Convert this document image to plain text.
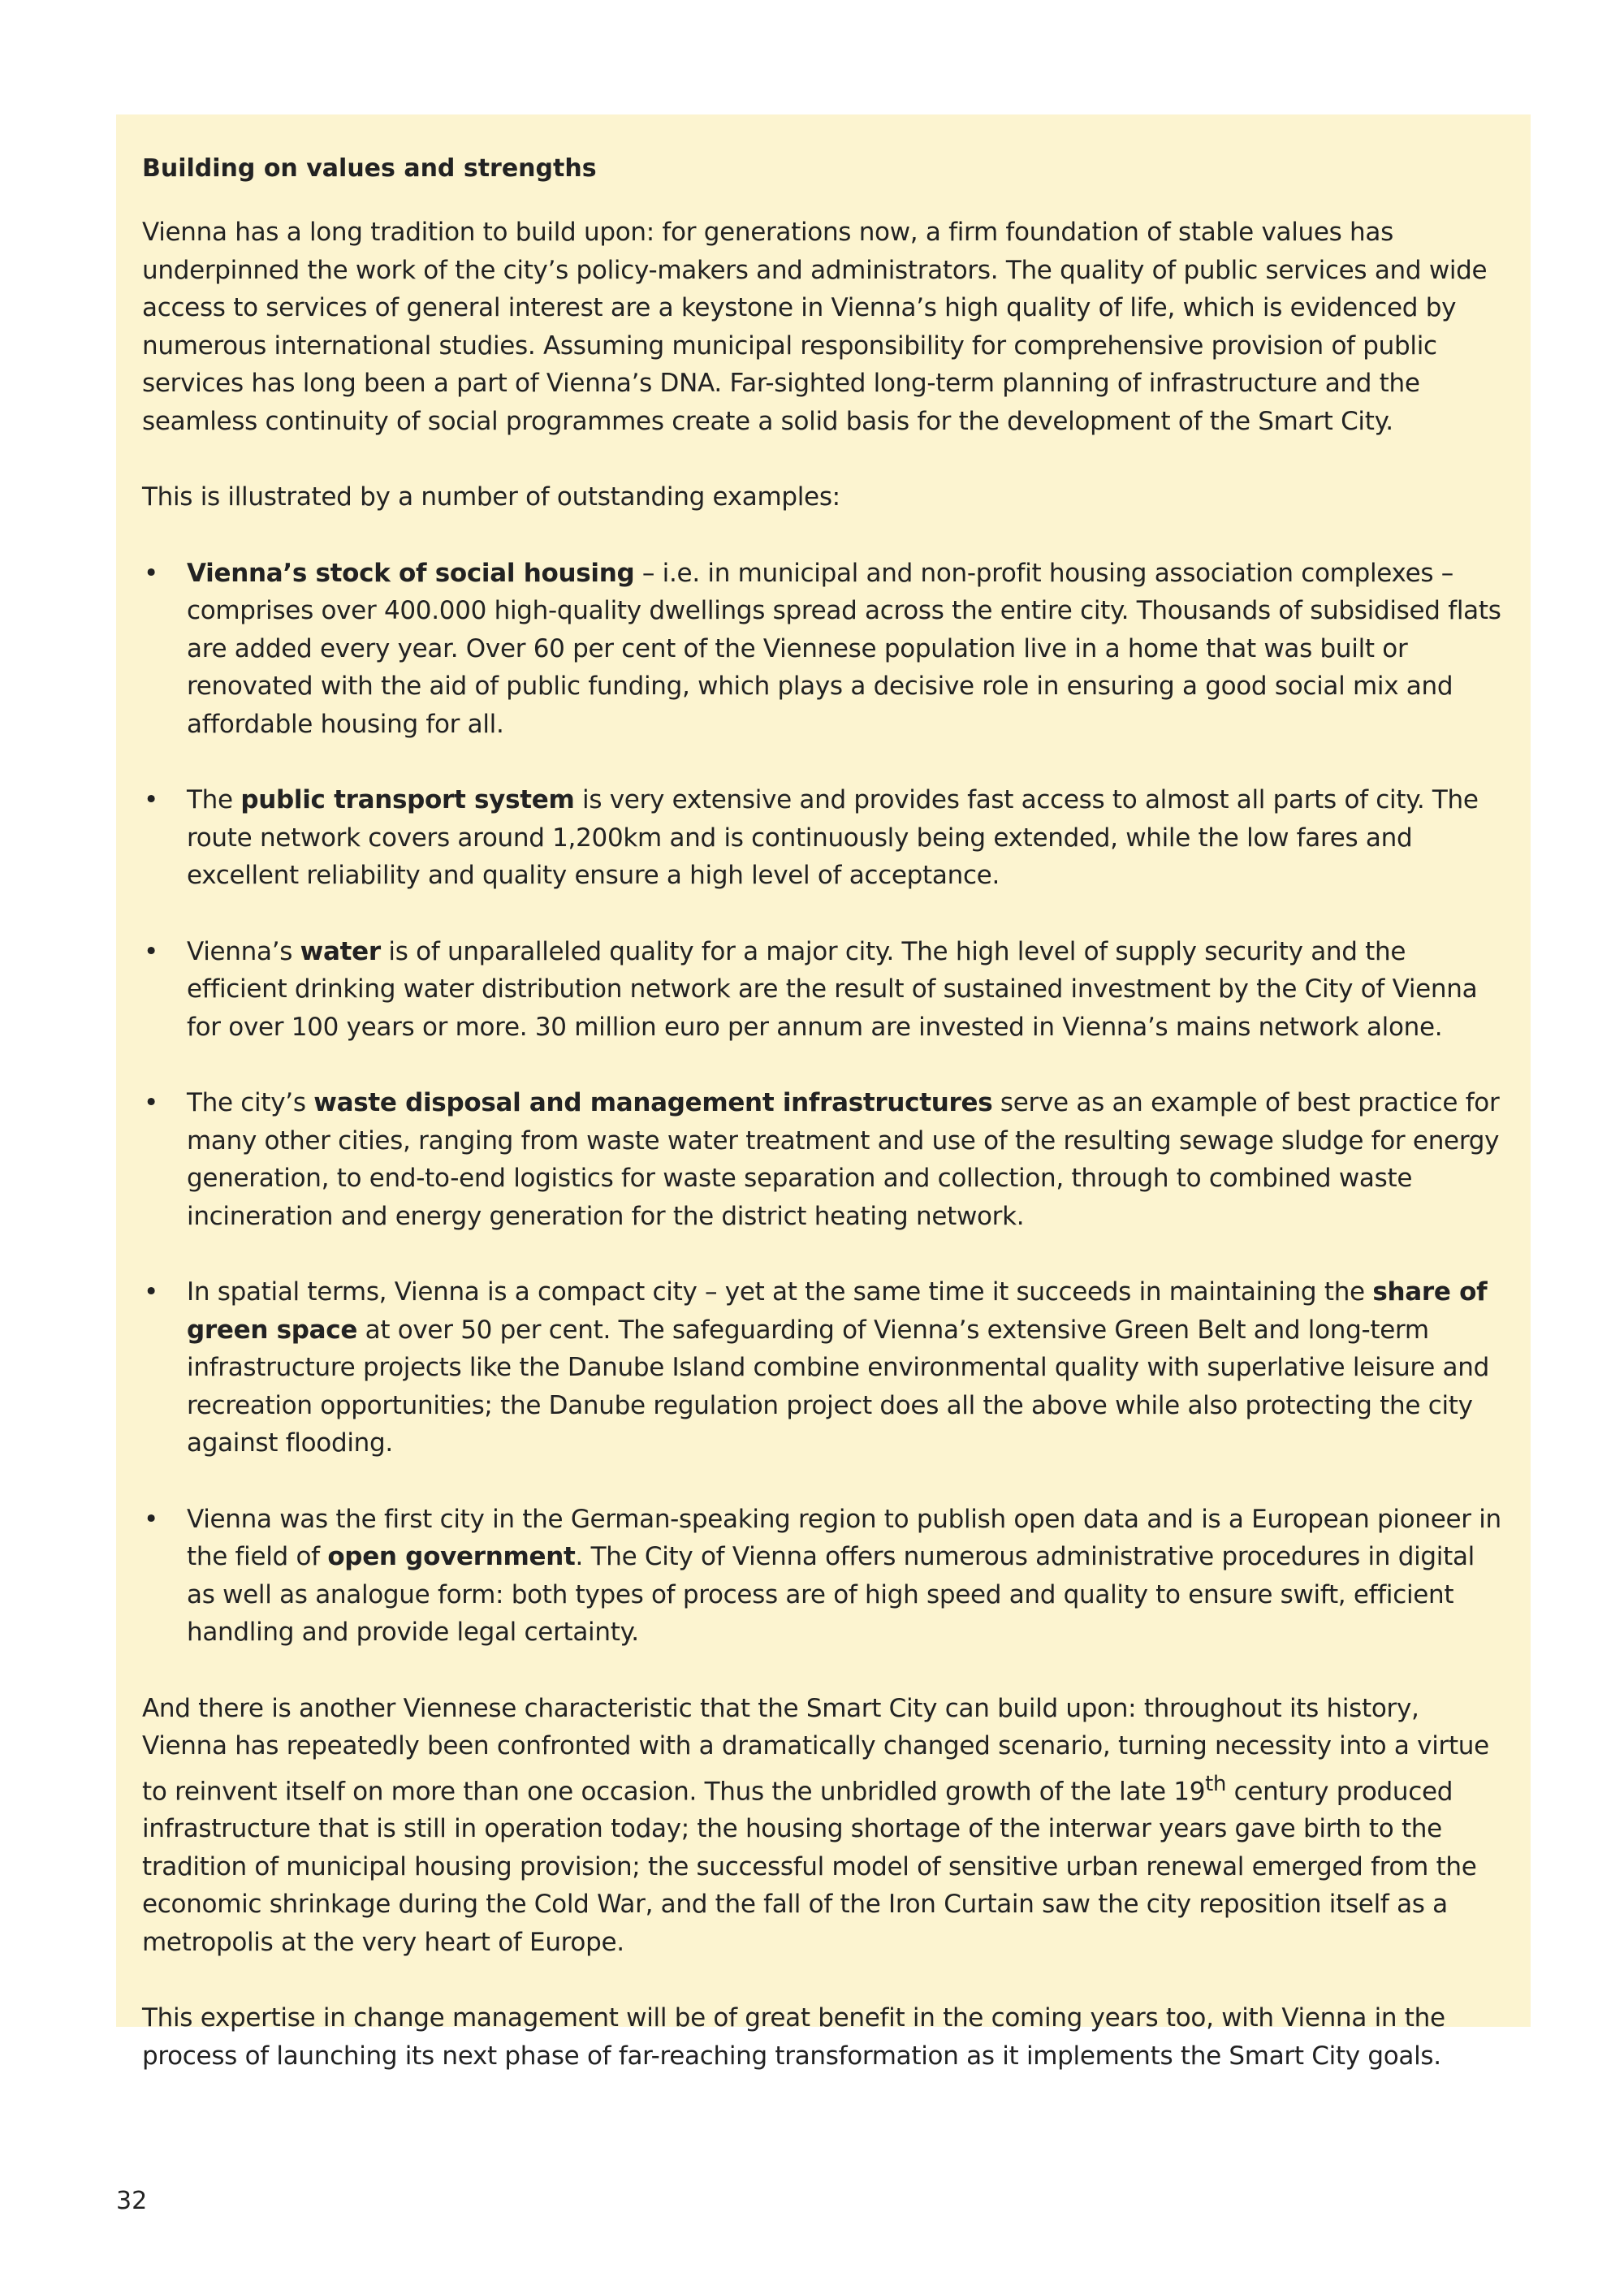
Building on values and strengths

Vienna has a long tradition to build upon: for generations now, a firm foundation of stable values has underpinned the work of the city’s policy-makers and administrators. The quality of public services and wide access to services of general interest are a keystone in Vienna’s high quality of life, which is evidenced by numerous international studies. Assuming municipal responsibility for comprehensive provision of public services has long been a part of Vienna’s DNA. Far-sighted long-term planning of infrastructure and the seamless continuity of social programmes create a solid basis for the development of the Smart City.

This is illustrated by a number of outstanding examples:

• Vienna’s stock of social housing – i.e. in municipal and non-profit housing association complexes – comprises over 400.000 high-quality dwellings spread across the entire city. Thousands of subsidised flats are added every year. Over 60 per cent of the Viennese population live in a home that was built or renovated with the aid of public funding, which plays a decisive role in ensuring a good social mix and affordable housing for all.
• The public transport system is very extensive and provides fast access to almost all parts of city. The route network covers around 1,200km and is continuously being extended, while the low fares and excellent reliability and quality ensure a high level of acceptance.
• Vienna’s water is of unparalleled quality for a major city. The high level of supply security and the efficient drinking water distribution network are the result of sustained investment by the City of Vienna for over 100 years or more. 30 million euro per annum are invested in Vienna’s mains network alone.
• The city’s waste disposal and management infrastructures serve as an example of best practice for many other cities, ranging from waste water treatment and use of the resulting sewage sludge for energy generation, to end-to-end logistics for waste separation and collection, through to combined waste incineration and energy generation for the district heating network.
• In spatial terms, Vienna is a compact city – yet at the same time it succeeds in maintaining the share of green space at over 50 per cent. The safeguarding of Vienna’s extensive Green Belt and long-term infrastructure projects like the Danube Island combine environmental quality with superlative leisure and recreation opportunities; the Danube regulation project does all the above while also protecting the city against flooding.
• Vienna was the first city in the German-speaking region to publish open data and is a European pioneer in the field of open government. The City of Vienna offers numerous administrative procedures in digital as well as analogue form: both types of process are of high speed and quality to ensure swift, efficient handling and provide legal certainty.

And there is another Viennese characteristic that the Smart City can build upon: throughout its history, Vienna has repeatedly been confronted with a dramatically changed scenario, turning necessity into a virtue to reinvent itself on more than one occasion. Thus the unbridled growth of the late 19th century produced infrastructure that is still in operation today; the housing shortage of the interwar years gave birth to the tradition of municipal housing provision; the successful model of sensitive urban renewal emerged from the economic shrinkage during the Cold War, and the fall of the Iron Curtain saw the city reposition itself as a metropolis at the very heart of Europe.

This expertise in change management will be of great benefit in the coming years too, with Vienna in the process of launching its next phase of far-reaching transformation as it implements the Smart City goals.

32
